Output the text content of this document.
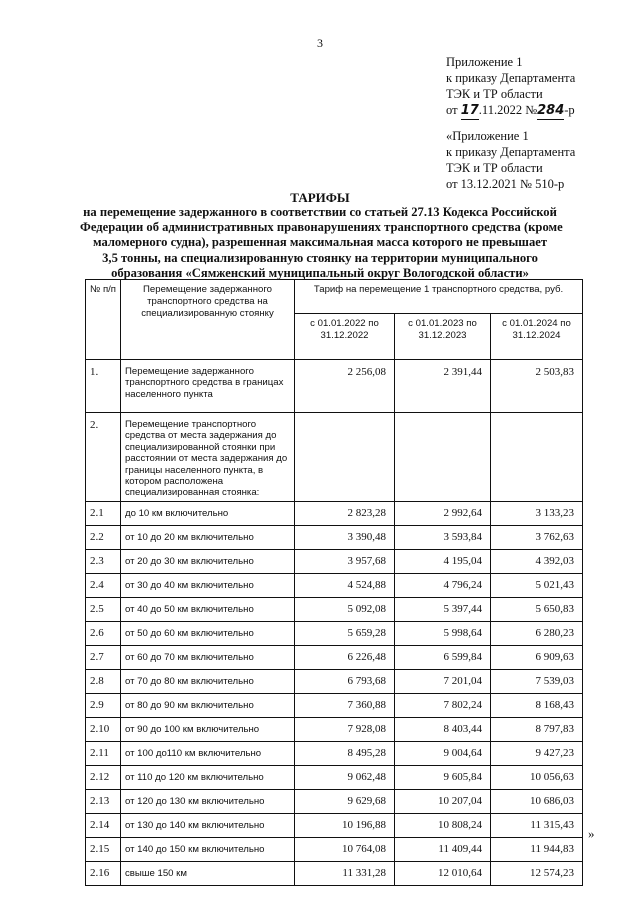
3
Приложение 1
к приказу Департамента
ТЭК и ТР области
от 17.11.2022 №284-р
«Приложение 1
к приказу Департамента
ТЭК и ТР области
от 13.12.2021 № 510-р
ТАРИФЫ
на перемещение задержанного в соответствии со статьей 27.13 Кодекса Российской
Федерации об административных правонарушениях транспортного средства (кроме
маломерного судна), разрешенная максимальная масса которого не превышает
3,5 тонны, на специализированную стоянку на территории муниципального
образования «Сямженский муниципальный округ Вологодской области»
№ п/п	Перемещение задержанного транспортного средства на специализированную стоянку	Тариф на перемещение 1 транспортного средства, руб.		
		с 01.01.2022 по 31.12.2022	с 01.01.2023 по 31.12.2023	с 01.01.2024 по 31.12.2024
1.	Перемещение задержанного транспортного средства в границах населенного пункта	2 256,08	2 391,44	2 503,83
2.	Перемещение транспортного средства от места задержания до специализированной стоянки при расстоянии от места задержания до границы населенного пункта, в котором расположена специализированная стоянка:			
2.1	до 10 км включительно	2 823,28	2 992,64	3 133,23
2.2	от 10 до 20 км включительно	3 390,48	3 593,84	3 762,63
2.3	от 20 до 30 км включительно	3 957,68	4 195,04	4 392,03
2.4	от 30 до 40 км включительно	4 524,88	4 796,24	5 021,43
2.5	от 40 до 50 км включительно	5 092,08	5 397,44	5 650,83
2.6	от 50 до 60 км включительно	5 659,28	5 998,64	6 280,23
2.7	от 60 до 70 км включительно	6 226,48	6 599,84	6 909,63
2.8	от 70 до 80 км включительно	6 793,68	7 201,04	7 539,03
2.9	от 80 до 90 км включительно	7 360,88	7 802,24	8 168,43
2.10	от 90 до 100 км включительно	7 928,08	8 403,44	8 797,83
2.11	от 100 до110 км включительно	8 495,28	9 004,64	9 427,23
2.12	от 110 до 120 км включительно	9 062,48	9 605,84	10 056,63
2.13	от 120 до 130 км включительно	9 629,68	10 207,04	10 686,03
2.14	от 130 до 140 км включительно	10 196,88	10 808,24	11 315,43
2.15	от 140 до 150 км включительно	10 764,08	11 409,44	11 944,83
2.16	свыше 150 км	11 331,28	12 010,64	12 574,23
»
